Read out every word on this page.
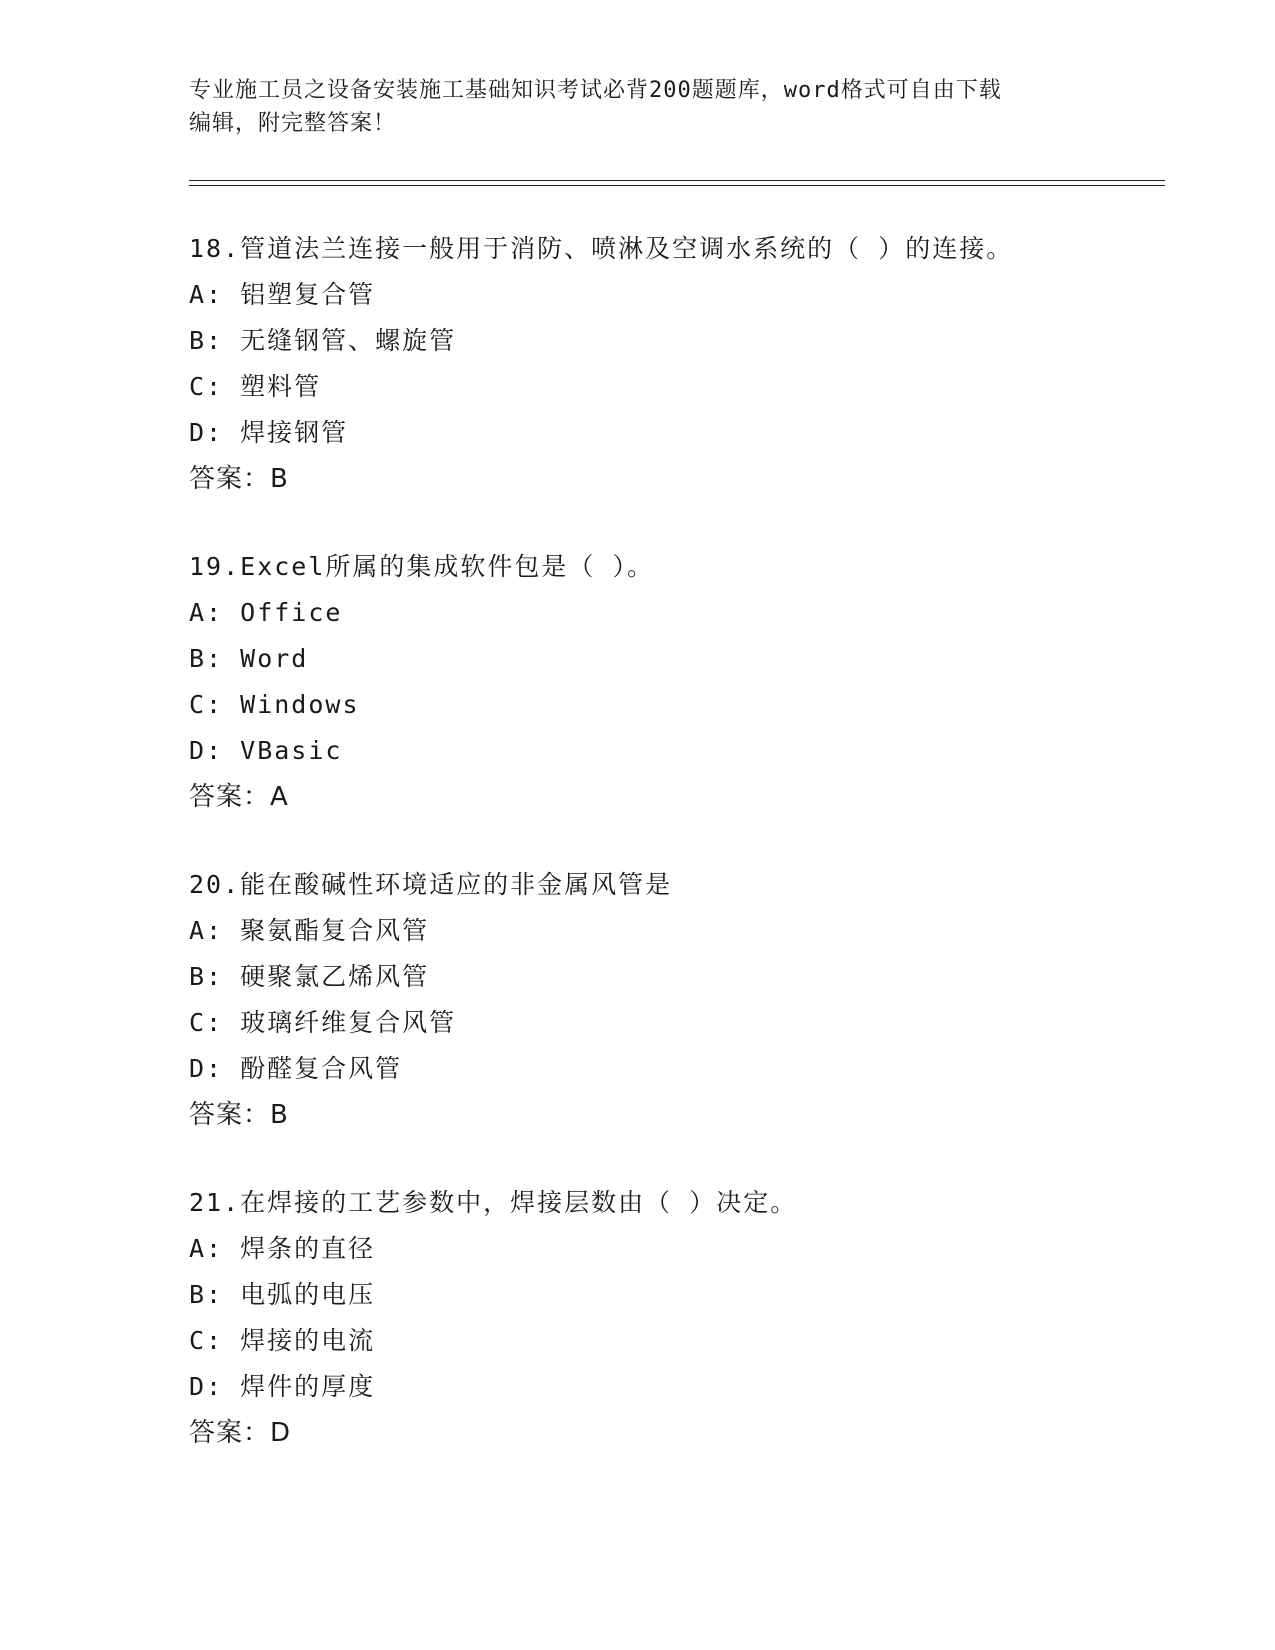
专业施工员之设备安装施工基础知识考试必背200题题库，word格式可自由下载
编辑，附完整答案！
18.管道法兰连接一般用于消防、喷淋及空调水系统的（ ）的连接。
A: 铝塑复合管
B: 无缝钢管、螺旋管
C: 塑料管
D: 焊接钢管
答案：B
19.Excel所属的集成软件包是（ ）。
A: Office
B: Word
C: Windows
D: VBasic
答案：A
20.能在酸碱性环境适应的非金属风管是
A: 聚氨酯复合风管
B: 硬聚氯乙烯风管
C: 玻璃纤维复合风管
D: 酚醛复合风管
答案：B
21.在焊接的工艺参数中，焊接层数由（ ）决定。
A: 焊条的直径
B: 电弧的电压
C: 焊接的电流
D: 焊件的厚度
答案：D
